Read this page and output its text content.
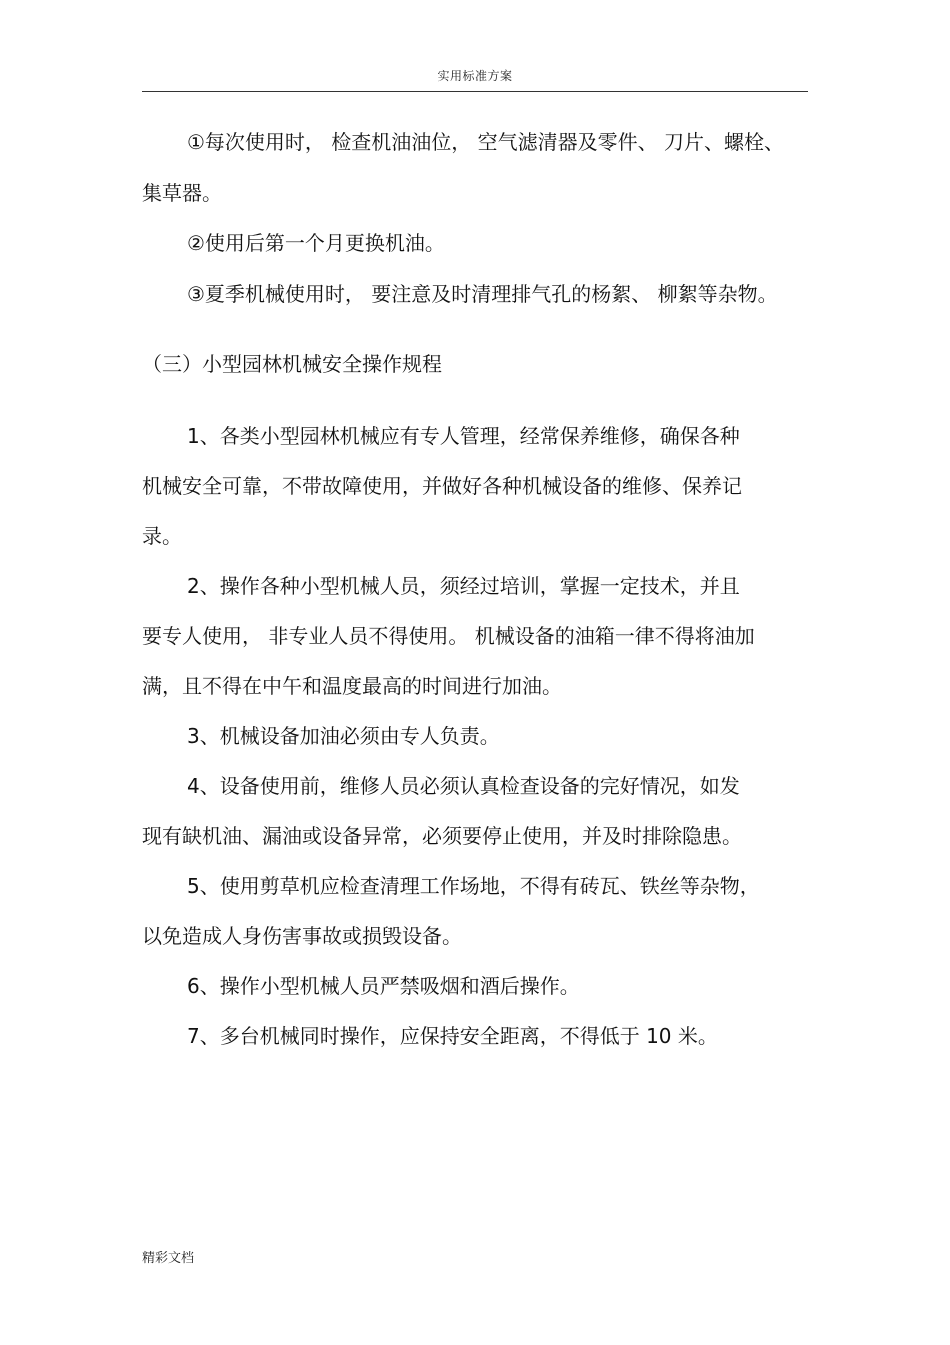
实用标准方案
①每次使用时， 检查机油油位， 空气滤清器及零件、 刀片、螺栓、
集草器。
②使用后第一个月更换机油。
③夏季机械使用时， 要注意及时清理排气孔的杨絮、 柳絮等杂物。
（三）小型园林机械安全操作规程
1、各类小型园林机械应有专人管理，经常保养维修，确保各种
机械安全可靠，不带故障使用，并做好各种机械设备的维修、保养记
录。
2、操作各种小型机械人员，须经过培训，掌握一定技术，并且
要专人使用， 非专业人员不得使用。 机械设备的油箱一律不得将油加
满，且不得在中午和温度最高的时间进行加油。
3、机械设备加油必须由专人负责。
4、设备使用前，维修人员必须认真检查设备的完好情况，如发
现有缺机油、漏油或设备异常，必须要停止使用，并及时排除隐患。
5、使用剪草机应检查清理工作场地，不得有砖瓦、铁丝等杂物，
以免造成人身伤害事故或损毁设备。
6、操作小型机械人员严禁吸烟和酒后操作。
7、多台机械同时操作，应保持安全距离，不得低于 10 米。
精彩文档
